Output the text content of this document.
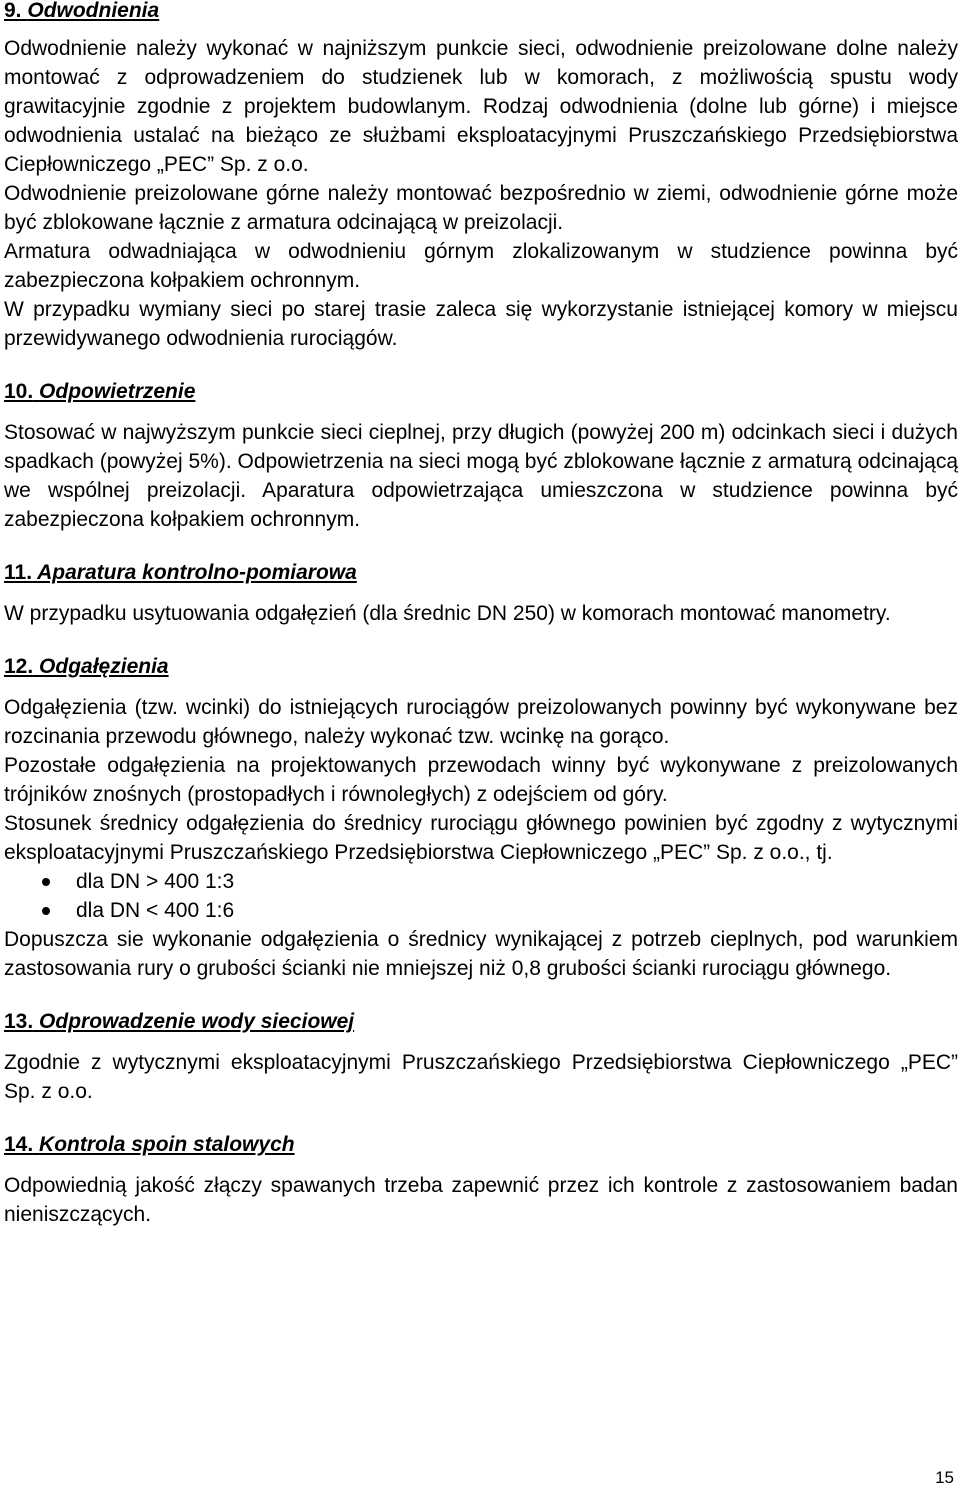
9. Odwodnienia

Odwodnienie należy wykonać w najniższym punkcie sieci, odwodnienie preizolowane dolne należy montować z odprowadzeniem do studzienek lub w komorach, z możliwością spustu wody grawitacyjnie zgodnie z projektem budowlanym. Rodzaj odwodnienia (dolne lub górne) i miejsce odwodnienia ustalać na bieżąco ze służbami eksploatacyjnymi Pruszczańskiego Przedsiębiorstwa Ciepłowniczego „PEC” Sp. z o.o.

Odwodnienie preizolowane górne należy montować bezpośrednio w ziemi, odwodnienie górne może być zblokowane łącznie z armatura odcinającą w preizolacji.

Armatura odwadniająca w odwodnieniu górnym zlokalizowanym w studzience powinna być zabezpieczona kołpakiem ochronnym.

W przypadku wymiany sieci po starej trasie zaleca się wykorzystanie istniejącej komory w miejscu przewidywanego odwodnienia rurociągów.

10. Odpowietrzenie

Stosować w najwyższym punkcie sieci cieplnej, przy długich (powyżej 200 m) odcinkach sieci i dużych spadkach (powyżej 5%). Odpowietrzenia na sieci mogą być zblokowane łącznie z armaturą odcinającą we wspólnej preizolacji. Aparatura odpowietrzająca umieszczona w studzience powinna być zabezpieczona kołpakiem ochronnym.

11. Aparatura kontrolno-pomiarowa

W przypadku usytuowania odgałęzień (dla średnic DN 250) w komorach montować manometry.

12. Odgałęzienia

Odgałęzienia (tzw. wcinki) do istniejących rurociągów preizolowanych powinny być wykonywane bez rozcinania przewodu głównego, należy wykonać tzw. wcinkę na gorąco.

Pozostałe odgałęzienia na projektowanych przewodach winny być wykonywane z preizolowanych trójników znośnych (prostopadłych i równoległych) z odejściem od góry.

Stosunek średnicy odgałęzienia do średnicy rurociągu głównego powinien być zgodny z wytycznymi eksploatacyjnymi Pruszczańskiego Przedsiębiorstwa Ciepłowniczego „PEC” Sp. z o.o., tj.

dla DN > 400 1:3
dla DN < 400 1:6

Dopuszcza sie wykonanie odgałęzienia o średnicy wynikającej z potrzeb cieplnych, pod warunkiem zastosowania rury o grubości ścianki nie mniejszej niż 0,8 grubości ścianki rurociągu głównego.

13. Odprowadzenie wody sieciowej

Zgodnie z wytycznymi eksploatacyjnymi Pruszczańskiego Przedsiębiorstwa Ciepłowniczego „PEC” Sp. z o.o.

14. Kontrola spoin stalowych

Odpowiednią jakość złączy spawanych trzeba zapewnić przez ich kontrole z zastosowaniem badan nieniszczących.

15
